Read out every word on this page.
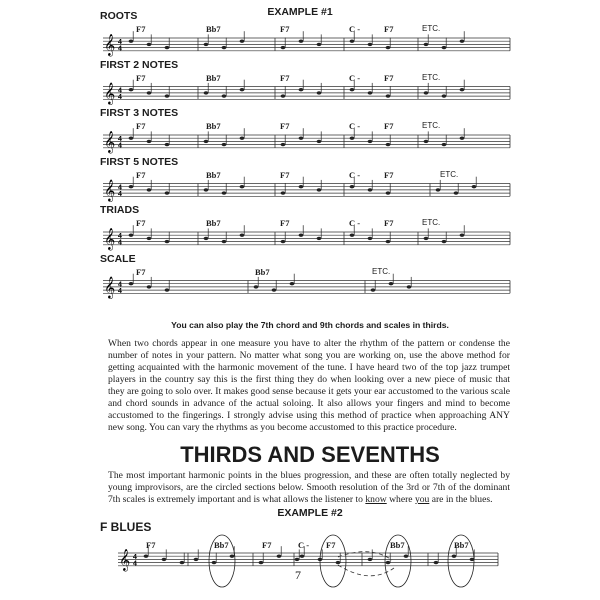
EXAMPLE #1
ROOTS
F7	Bb7	F7	C -	F7	ETC.
𝄞 4
4
FIRST 2 NOTES
F7	Bb7	F7	C -	F7	ETC.
𝄞 4
4
FIRST 3 NOTES
F7	Bb7	F7	C -	F7	ETC.
𝄞 4
4
FIRST 5 NOTES
F7	Bb7	F7	C -	F7	ETC.
𝄞 4
4
TRIADS
F7	Bb7	F7	C -	F7	ETC.
𝄞 4
4
SCALE
F7	Bb7	ETC.
𝄞 4
4
You can also play the 7th chord and 9th chords and scales in thirds.
When two chords appear in one measure you have to alter the rhythm of the pattern or condense the number of notes in your pattern. No matter what song you are working on, use the above method for getting acquainted with the harmonic movement of the tune. I have heard two of the top jazz trumpet players in the country say this is the first thing they do when looking over a new piece of music that they are going to solo over. It makes good sense because it gets your ear accustomed to the various scale and chord sounds in advance of the actual soloing. It also allows your fingers and mind to become accustomed to the fingerings. I strongly advise using this method of practice when approaching ANY new song. You can vary the rhythms as you become accustomed to this practice procedure.
THIRDS AND SEVENTHS
The most important harmonic points in the blues progression, and these are often totally neglected by young improvisors, are the circled sections below. Smooth resolution of the 3rd or 7th of the dominant 7th scales is extremely important and is what allows the listener to know where you are in the blues.
EXAMPLE #2
F BLUES
F7	Bb7	F7	C - F7	Bb7	Bb7
𝄞 4
4
7
